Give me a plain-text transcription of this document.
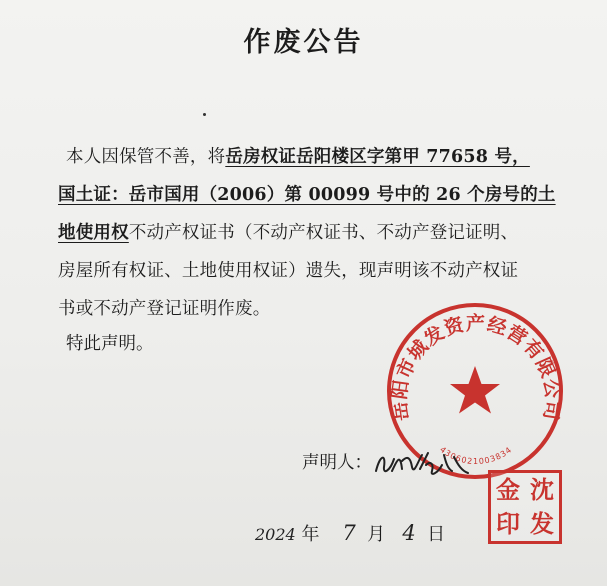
作废公告
本人因保管不善，将岳房权证岳阳楼区字第甲 77658 号，
国土证：岳市国用（2006）第 00099 号中的 26 个房号的土
地使用权不动产权证书（不动产权证书、不动产登记证明、
房屋所有权证、土地使用权证）遗失，现声明该不动产权证
书或不动产登记证明作废。
特此声明。
岳阳市城发资产经营有限公司
4306021003834
声明人：
2024 年 7 月 4 日
金 沈
印 发
